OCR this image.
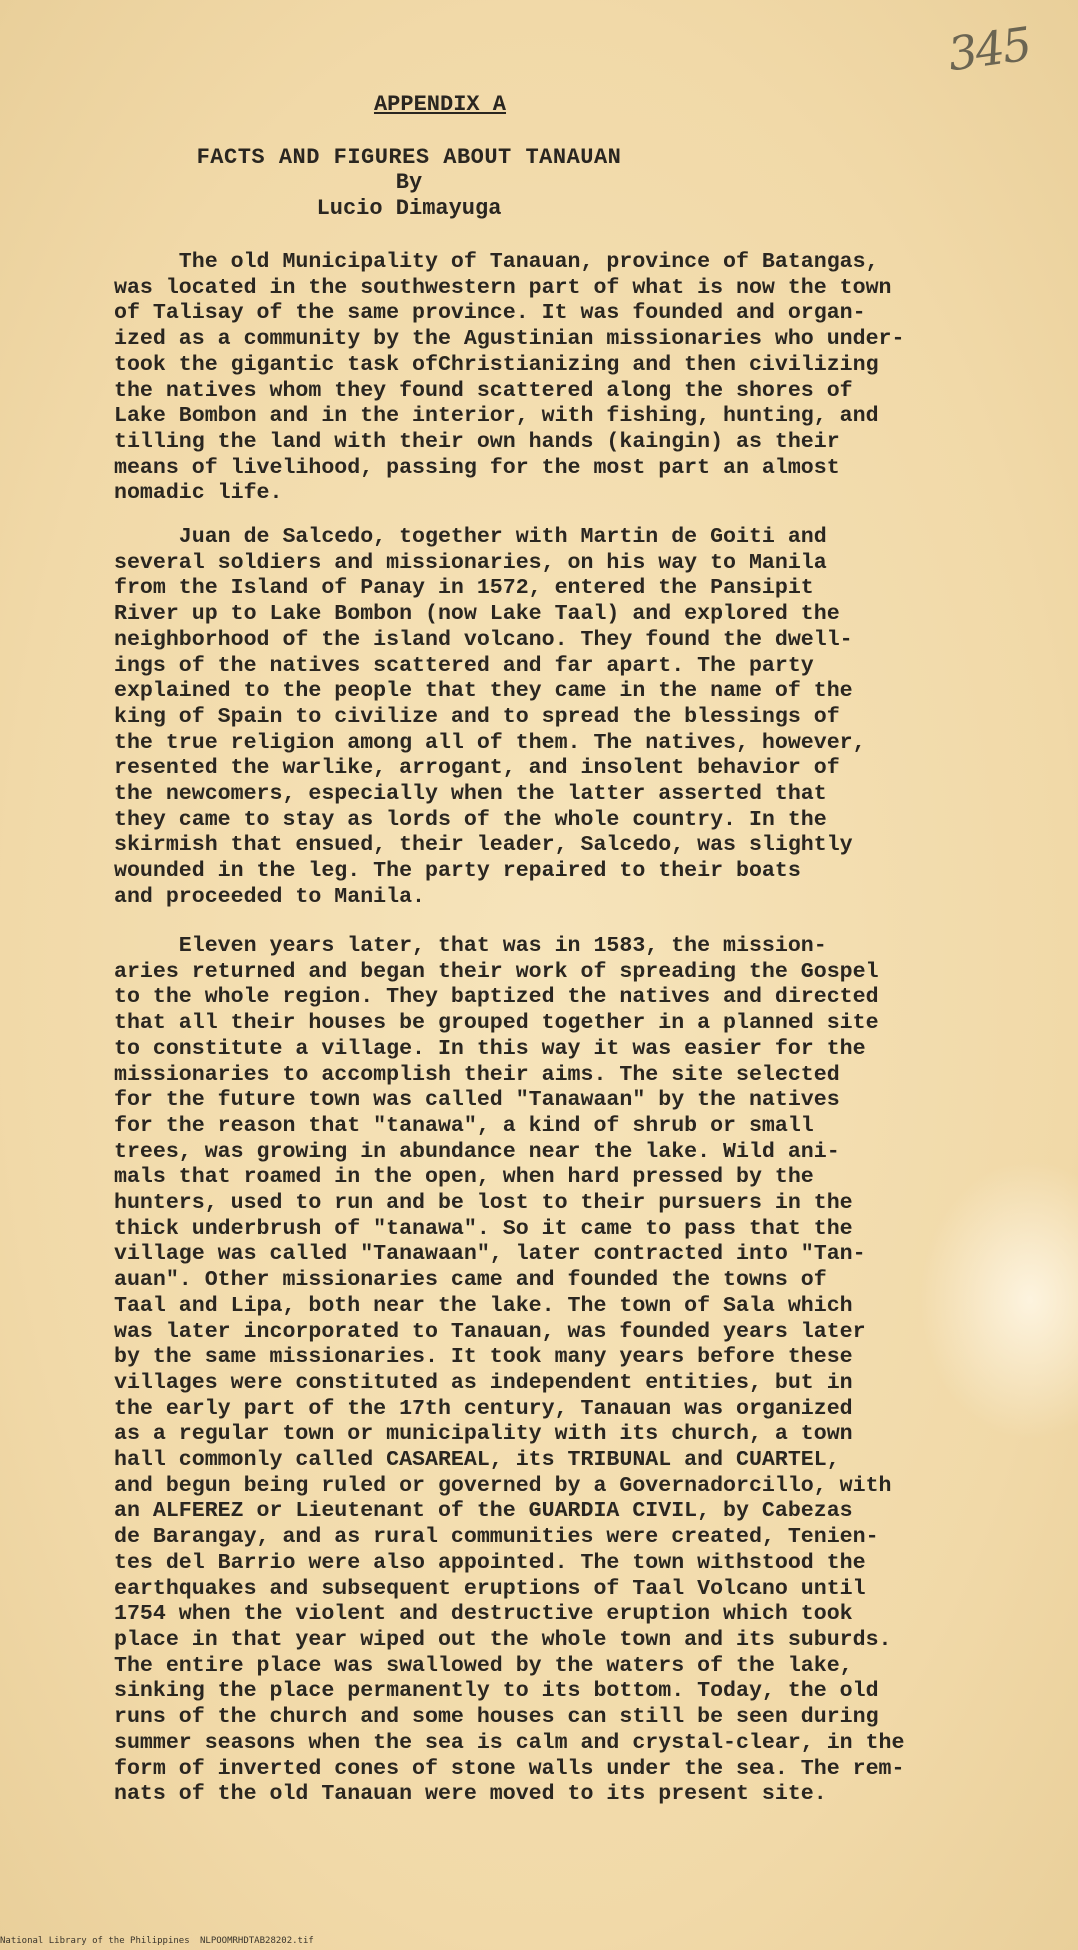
345
APPENDIX A
FACTS AND FIGURES ABOUT TANAUAN
By
Lucio Dimayuga
The old Municipality of Tanauan, province of Batangas,
was located in the southwestern part of what is now the town
of Talisay of the same province. It was founded and organ-
ized as a community by the Agustinian missionaries who under-
took the gigantic task ofChristianizing and then civilizing
the natives whom they found scattered along the shores of
Lake Bombon and in the interior, with fishing, hunting, and
tilling the land with their own hands (kaingin) as their
means of livelihood, passing for the most part an almost
nomadic life.
Juan de Salcedo, together with Martin de Goiti and
several soldiers and missionaries, on his way to Manila
from the Island of Panay in 1572, entered the Pansipit
River up to Lake Bombon (now Lake Taal) and explored the
neighborhood of the island volcano. They found the dwell-
ings of the natives scattered and far apart. The party
explained to the people that they came in the name of the
king of Spain to civilize and to spread the blessings of
the true religion among all of them. The natives, however,
resented the warlike, arrogant, and insolent behavior of
the newcomers, especially when the latter asserted that
they came to stay as lords of the whole country. In the
skirmish that ensued, their leader, Salcedo, was slightly
wounded in the leg. The party repaired to their boats
and proceeded to Manila.
Eleven years later, that was in 1583, the mission-
aries returned and began their work of spreading the Gospel
to the whole region. They baptized the natives and directed
that all their houses be grouped together in a planned site
to constitute a village. In this way it was easier for the
missionaries to accomplish their aims. The site selected
for the future town was called "Tanawaan" by the natives
for the reason that "tanawa", a kind of shrub or small
trees, was growing in abundance near the lake. Wild ani-
mals that roamed in the open, when hard pressed by the
hunters, used to run and be lost to their pursuers in the
thick underbrush of "tanawa". So it came to pass that the
village was called "Tanawaan", later contracted into "Tan-
auan". Other missionaries came and founded the towns of
Taal and Lipa, both near the lake. The town of Sala which
was later incorporated to Tanauan, was founded years later
by the same missionaries. It took many years before these
villages were constituted as independent entities, but in
the early part of the 17th century, Tanauan was organized
as a regular town or municipality with its church, a town
hall commonly called CASAREAL, its TRIBUNAL and CUARTEL,
and begun being ruled or governed by a Governadorcillo, with
an ALFEREZ or Lieutenant of the GUARDIA CIVIL, by Cabezas
de Barangay, and as rural communities were created, Tenien-
tes del Barrio were also appointed. The town withstood the
earthquakes and subsequent eruptions of Taal Volcano until
1754 when the violent and destructive eruption which took
place in that year wiped out the whole town and its suburds.
The entire place was swallowed by the waters of the lake,
sinking the place permanently to its bottom. Today, the old
runs of the church and some houses can still be seen during
summer seasons when the sea is calm and crystal-clear, in the
form of inverted cones of stone walls under the sea. The rem-
nats of the old Tanauan were moved to its present site.
National Library of the Philippines NLPOOMRHDTAB28202.tif
